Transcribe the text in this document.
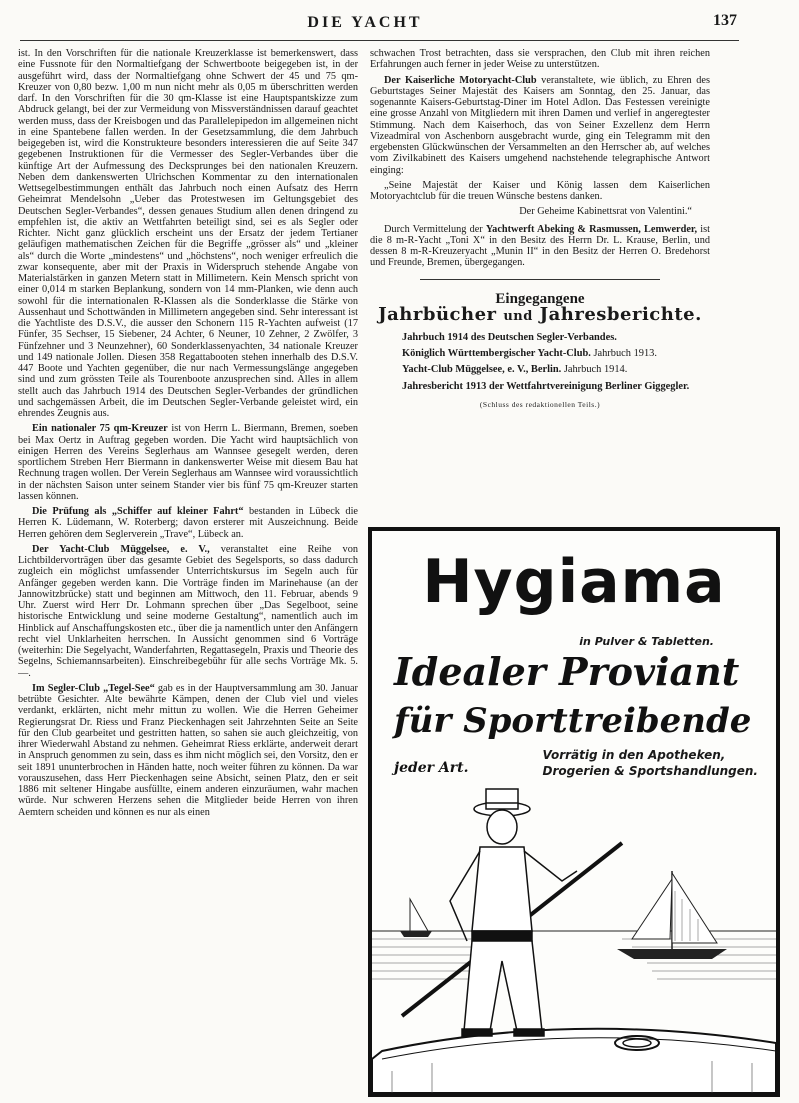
DIE YACHT	137

ist. In den Vorschriften für die nationale Kreuzerklasse ist bemerkenswert, dass eine Fussnote für den Normaltiefgang der Schwertboote beigegeben ist, in der ausgeführt wird, dass der Normaltiefgang ohne Schwert der 45 und 75 qm-Kreuzer von 0,80 bezw. 1,00 m nun nicht mehr als 0,05 m überschritten werden darf. In den Vorschriften für die 30 qm-Klasse ist eine Hauptspantskizze zum Abdruck gelangt, bei der zur Vermeidung von Missverständnissen darauf geachtet werden muss, dass der Kreisbogen und das Parallelepipedon im allgemeinen nicht in eine Spantebene fallen werden. In der Gesetzsammlung, die dem Jahrbuch beigegeben ist, wird die Konstrukteure besonders interessieren die auf Seite 347 gegebenen Instruktionen für die Vermesser des Segler-Verbandes über die künftige Art der Aufmessung des Decksprunges bei den nationalen Kreuzern. Neben dem dankenswerten Ulrichschen Kommentar zu den internationalen Wettsegelbestimmungen enthält das Jahrbuch noch einen Aufsatz des Herrn Geheimrat Mendelsohn „Ueber das Protestwesen im Geltungsgebiet des Deutschen Segler-Verbandes“, dessen genaues Studium allen denen dringend zu empfehlen ist, die aktiv an Wettfahrten beteiligt sind, sei es als Segler oder Richter. Nicht ganz glücklich erscheint uns der Ersatz der jedem Tertianer geläufigen mathematischen Zeichen für die Begriffe „grösser als“ und „kleiner als“ durch die Worte „mindestens“ und „höchstens“, noch weniger erfreulich die zwar konsequente, aber mit der Praxis in Widerspruch stehende Angabe von Materialstärken in ganzen Metern statt in Millimetern. Kein Mensch spricht von einer 0,014 m starken Beplankung, sondern von 14 mm-Planken, wie denn auch sowohl für die internationalen R-Klassen als die Sonderklasse die Stärke von Aussenhaut und Schottwänden in Millimetern angegeben sind. Sehr interessant ist die Yachtliste des D.S.V., die ausser den Schonern 115 R-Yachten aufweist (17 Fünfer, 35 Sechser, 15 Siebener, 24 Achter, 6 Neuner, 10 Zehner, 2 Zwölfer, 3 Fünfzehner und 3 Neunzehner), 60 Sonderklassenyachten, 34 nationale Kreuzer und 149 nationale Jollen. Diesen 358 Regattabooten stehen innerhalb des D.S.V. 447 Boote und Yachten gegenüber, die nur nach Vermessungslänge angegeben sind und zum grössten Teile als Tourenboote anzusprechen sind. Alles in allem stellt auch das Jahrbuch 1914 des Deutschen Segler-Verbandes der gründlichen und sachgemässen Arbeit, die im Deutschen Segler-Verbande geleistet wird, ein ehrendes Zeugnis aus.

Ein nationaler 75 qm-Kreuzer ist von Herrn L. Biermann, Bremen, soeben bei Max Oertz in Auftrag gegeben worden. Die Yacht wird hauptsächlich von einigen Herren des Vereins Seglerhaus am Wannsee gesegelt werden, deren sportlichem Streben Herr Biermann in dankenswerter Weise mit diesem Bau hat Rechnung tragen wollen. Der Verein Seglerhaus am Wannsee wird voraussichtlich in der nächsten Saison unter seinem Stander vier bis fünf 75 qm-Kreuzer starten lassen können.

Die Prüfung als „Schiffer auf kleiner Fahrt“ bestanden in Lübeck die Herren K. Lüdemann, W. Roterberg; davon ersterer mit Auszeichnung. Beide Herren gehören dem Seglerverein „Trave“, Lübeck an.

Der Yacht-Club Müggelsee, e. V., veranstaltet eine Reihe von Lichtbildervorträgen über das gesamte Gebiet des Segelsports, so dass dadurch zugleich ein möglichst umfassender Unterrichtskursus im Segeln auch für Anfänger gegeben werden kann. Die Vorträge finden im Marinehause (an der Jannowitzbrücke) statt und beginnen am Mittwoch, den 11. Februar, abends 9 Uhr. Zuerst wird Herr Dr. Lohmann sprechen über „Das Segelboot, seine historische Entwicklung und seine moderne Gestaltung“, namentlich auch im Hinblick auf Anschaffungskosten etc., über die ja namentlich unter den Anfängern recht viel Unklarheiten herrschen. In Aussicht genommen sind 6 Vorträge (weiterhin: Die Segelyacht, Wanderfahrten, Regattasegeln, Praxis und Theorie des Segelns, Schiemannsarbeiten). Einschreibegebühr für alle sechs Vorträge Mk. 5.—.

Im Segler-Club „Tegel-See“ gab es in der Hauptversammlung am 30. Januar betrübte Gesichter. Alte bewährte Kämpen, denen der Club viel und vieles verdankt, erklärten, nicht mehr mittun zu wollen. Wie die Herren Geheimer Regierungsrat Dr. Riess und Franz Pieckenhagen seit Jahrzehnten Seite an Seite für den Club gearbeitet und gestritten hatten, so sahen sie auch gleichzeitig, von ihrer Wiederwahl Abstand zu nehmen. Geheimrat Riess erklärte, anderweit derart in Anspruch genommen zu sein, dass es ihm nicht möglich sei, den Vorsitz, den er seit 1891 ununterbrochen in Händen hatte, noch weiter führen zu können. Da war vorauszusehen, dass Herr Pieckenhagen seine Absicht, seinen Platz, den er seit 1886 mit seltener Hingabe ausfüllte, einem anderen einzuräumen, wahr machen würde. Nur schweren Herzens sehen die Mitglieder beide Herren von ihren Aemtern scheiden und können es nur als einen

schwachen Trost betrachten, dass sie versprachen, den Club mit ihren reichen Erfahrungen auch ferner in jeder Weise zu unterstützen.

Der Kaiserliche Motoryacht-Club veranstaltete, wie üblich, zu Ehren des Geburtstages Seiner Majestät des Kaisers am Sonntag, den 25. Januar, das sogenannte Kaisers-Geburtstag-Diner im Hotel Adlon. Das Festessen vereinigte eine grosse Anzahl von Mitgliedern mit ihren Damen und verlief in angeregtester Stimmung. Nach dem Kaiserhoch, das von Seiner Exzellenz dem Herrn Vizeadmiral von Aschenborn ausgebracht wurde, ging ein Telegramm mit den ergebensten Glückwünschen der Versammelten an den Herrscher ab, auf welches vom Zivilkabinett des Kaisers umgehend nachstehende telegraphische Antwort einging:

„Seine Majestät der Kaiser und König lassen dem Kaiserlichen Motoryachtclub für die treuen Wünsche bestens danken.

Der Geheime Kabinettsrat von Valentini.“

Durch Vermittelung der Yachtwerft Abeking & Rasmussen, Lemwerder, ist die 8 m-R-Yacht „Toni X“ in den Besitz des Herrn Dr. L. Krause, Berlin, und dessen 8 m-R-Kreuzeryacht „Munin II“ in den Besitz der Herren O. Bredehorst und Freunde, Bremen, übergegangen.

Eingegangene
Jahrbücher und Jahresberichte.

Jahrbuch 1914 des Deutschen Segler-Verbandes.

Königlich Württembergischer Yacht-Club. Jahrbuch 1913.

Yacht-Club Müggelsee, e. V., Berlin. Jahrbuch 1914.

Jahresbericht 1913 der Wettfahrtvereinigung Berliner Giggegler.

(Schluss des redaktionellen Teils.)
Hygiama
in Pulver & Tabletten.
Idealer Proviant
für Sporttreibende jeder Art.
Vorrätig in den Apotheken,
Drogerien & Sportshandlungen.
